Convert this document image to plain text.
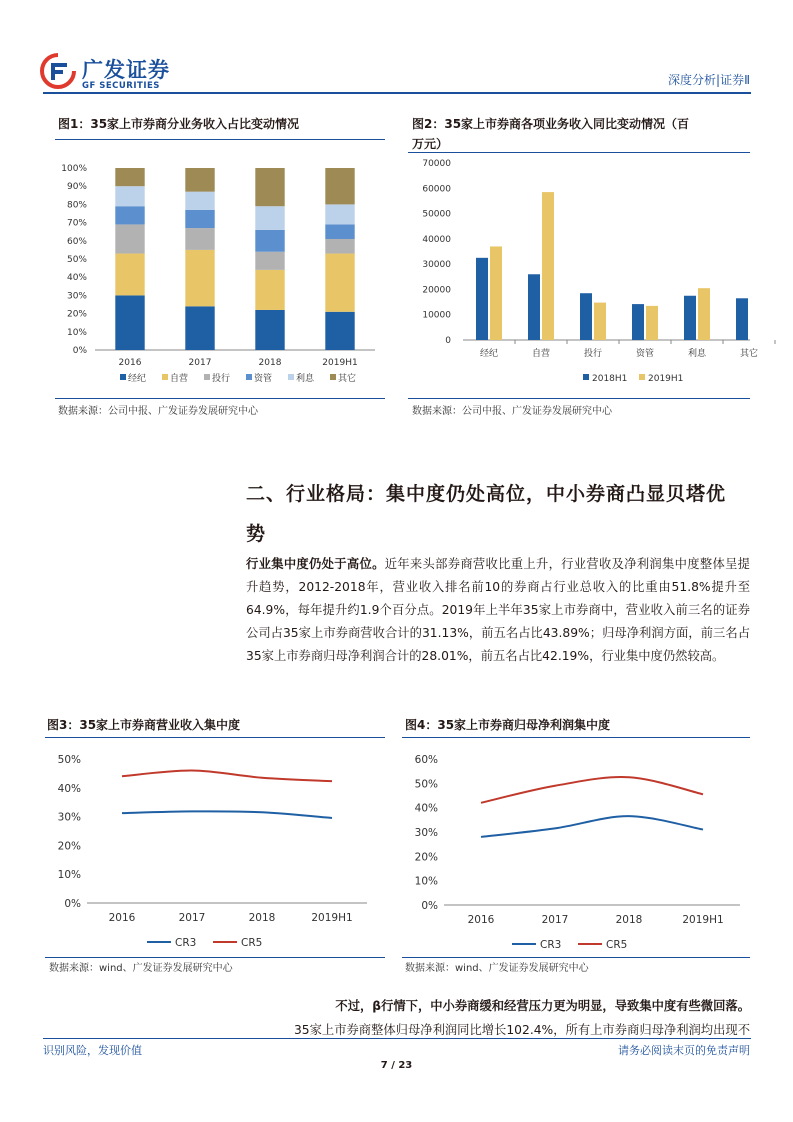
广发证券
GF SECURITIES	深度分析|证券Ⅱ
图1：35家上市券商分业务收入占比变动情况
0%
10%
20%
30%
40%
50%
60%
70%
80%
90%
100%
2016	2017	2018	2019H1
经纪	自营	投行	资管	利息	其它
数据来源：公司中报、广发证券发展研究中心
图2：35家上市券商各项业务收入同比变动情况（百
万元）
0
10000
20000
30000
40000
50000
60000
70000
经纪	自营	投行	资管	利息	其它
2018H1 2019H1
数据来源：公司中报、广发证券发展研究中心
二、行业格局：集中度仍处高位，中小券商凸显贝塔优
势
行业集中度仍处于高位。近年来头部券商营收比重上升，行业营收及净利润集中度整体呈提升趋势，2012-2018年，营业收入排名前10的券商占行业总收入的比重由51.8%提升至64.9%，每年提升约1.9个百分点。2019年上半年35家上市券商中，营业收入前三名的证券公司占35家上市券商营收合计的31.13%，前五名占比43.89%；归母净利润方面，前三名占35家上市券商归母净利润合计的28.01%，前五名占比42.19%，行业集中度仍然较高。
图3：35家上市券商营业收入集中度
0%
10%
20%
30%
40%
50%
2016	2017	2018	2019H1
CR3	CR5
数据来源：wind、广发证券发展研究中心
图4：35家上市券商归母净利润集中度
0%
10%
20%
30%
40%
50%
60%
2016	2017	2018	2019H1
CR3	CR5
数据来源：wind、广发证券发展研究中心
不过，β行情下，中小券商缓和经营压力更为明显，导致集中度有些微回落。
35家上市券商整体归母净利润同比增长102.4%，所有上市券商归母净利润均出现不
识别风险，发现价值	请务必阅读末页的免责声明
7 / 23
